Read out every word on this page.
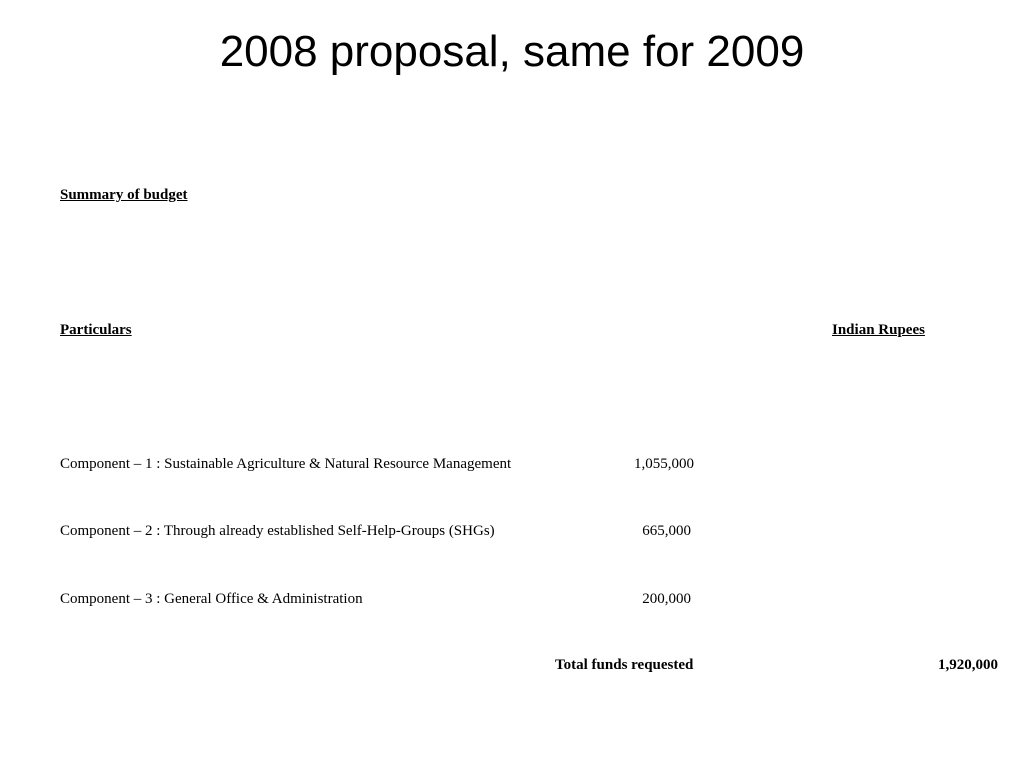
2008 proposal, same for 2009
Summary of budget
Particulars	Indian Rupees
Component – 1 : Sustainable Agriculture & Natural Resource Management	1,055,000
Component – 2 : Through already established Self-Help-Groups (SHGs)	665,000
Component – 3 : General Office & Administration	200,000
Total funds requested	1,920,000
